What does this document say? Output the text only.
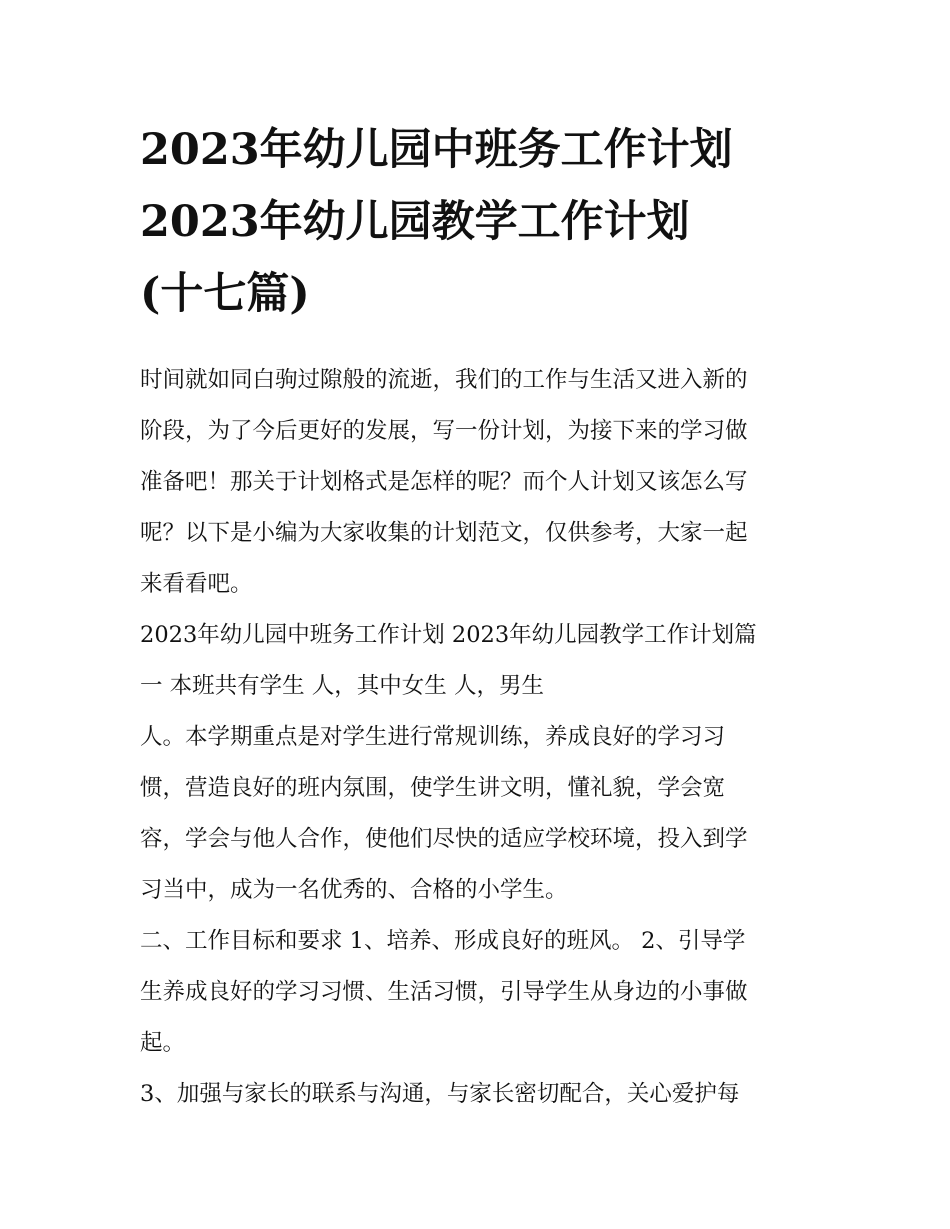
2023年幼儿园中班务工作计划
2023年幼儿园教学工作计划
(十七篇)
时间就如同白驹过隙般的流逝，我们的工作与生活又进入新的
阶段，为了今后更好的发展，写一份计划，为接下来的学习做
准备吧！那关于计划格式是怎样的呢？而个人计划又该怎么写
呢？以下是小编为大家收集的计划范文，仅供参考，大家一起
来看看吧。
2023年幼儿园中班务工作计划 2023年幼儿园教学工作计划篇
一 本班共有学生 人，其中女生 人，男生
人。本学期重点是对学生进行常规训练，养成良好的学习习
惯，营造良好的班内氛围，使学生讲文明，懂礼貌，学会宽
容，学会与他人合作，使他们尽快的适应学校环境，投入到学
习当中，成为一名优秀的、合格的小学生。
二、工作目标和要求 1、培养、形成良好的班风。 2、引导学
生养成良好的学习习惯、生活习惯，引导学生从身边的小事做
起。
3、加强与家长的联系与沟通，与家长密切配合，关心爱护每
